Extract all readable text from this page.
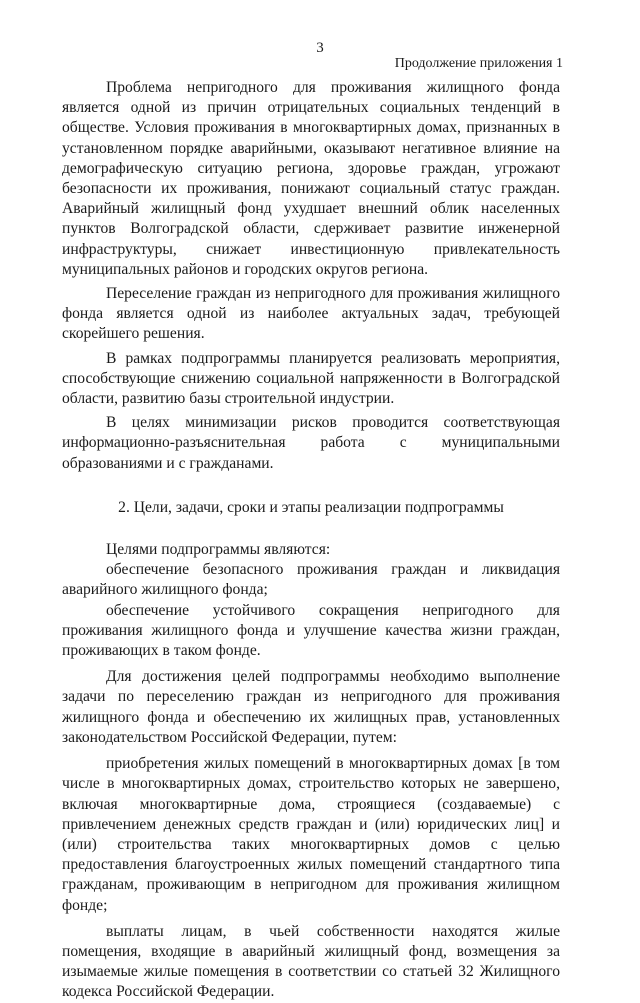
3
Продолжение приложения 1

Проблема непригодного для проживания жилищного фонда является одной из причин отрицательных социальных тенденций в обществе. Условия проживания в многоквартирных домах, признанных в установленном порядке аварийными, оказывают негативное влияние на демографическую ситуацию региона, здоровье граждан, угрожают безопасности их проживания, понижают социальный статус граждан. Аварийный жилищный фонд ухудшает внешний облик населенных пунктов Волгоградской области, сдерживает развитие инженерной инфраструктуры, снижает инвестиционную привлекательность муниципальных районов и городских округов региона.

Переселение граждан из непригодного для проживания жилищного фонда является одной из наиболее актуальных задач, требующей скорейшего решения.

В рамках подпрограммы планируется реализовать мероприятия, способствующие снижению социальной напряженности в Волгоградской области, развитию базы строительной индустрии.

В целях минимизации рисков проводится соответствующая информационно-разъяснительная работа с муниципальными образованиями и с гражданами.

2. Цели, задачи, сроки и этапы реализации подпрограммы

Целями подпрограммы являются:

обеспечение безопасного проживания граждан и ликвидация аварийного жилищного фонда;

обеспечение устойчивого сокращения непригодного для проживания жилищного фонда и улучшение качества жизни граждан, проживающих в таком фонде.

Для достижения целей подпрограммы необходимо выполнение задачи по переселению граждан из непригодного для проживания жилищного фонда и обеспечению их жилищных прав, установленных законодательством Российской Федерации, путем:

приобретения жилых помещений в многоквартирных домах [в том числе в многоквартирных домах, строительство которых не завершено, включая многоквартирные дома, строящиеся (создаваемые) с привлечением денежных средств граждан и (или) юридических лиц] и (или) строительства таких многоквартирных домов с целью предоставления благоустроенных жилых помещений стандартного типа гражданам, проживающим в непригодном для проживания жилищном фонде;

выплаты лицам, в чьей собственности находятся жилые помещения, входящие в аварийный жилищный фонд, возмещения за изымаемые жилые помещения в соответствии со статьей 32 Жилищного кодекса Российской Федерации.
